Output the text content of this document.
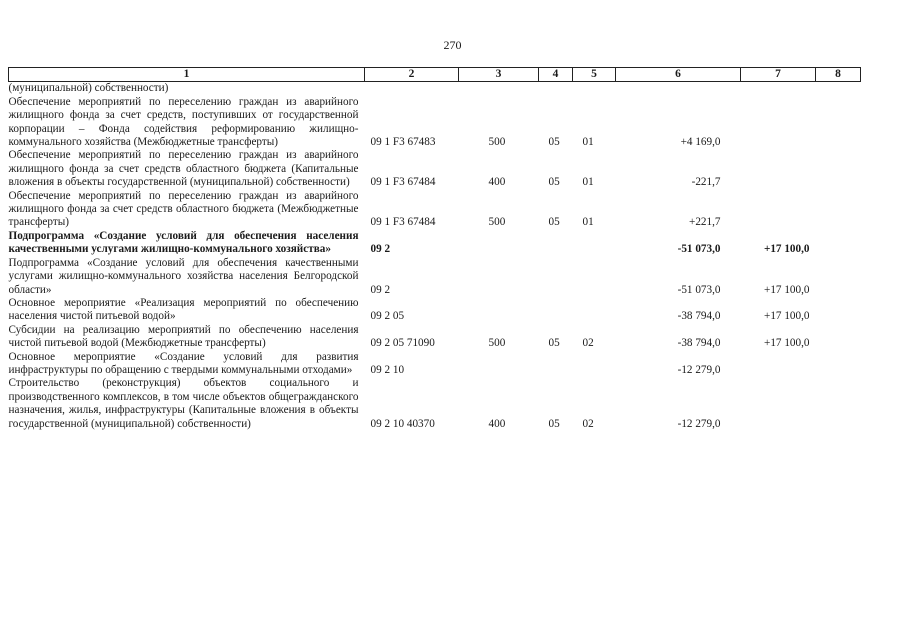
270
1	2	3	4	5	6	7	8
(муниципальной) собственности)							
Обеспечение мероприятий по переселению граждан из аварийного жилищного фонда за счет средств, поступивших от государственной корпорации – Фонда содействия реформированию жилищно-коммунального хозяйства (Межбюджетные трансферты)	09 1 F3 67483	500	05	01	+4 169,0		
Обеспечение мероприятий по переселению граждан из аварийного жилищного фонда за счет средств областного бюджета (Капитальные вложения в объекты государственной (муниципальной) собственности)	09 1 F3 67484	400	05	01	-221,7		
Обеспечение мероприятий по переселению граждан из аварийного жилищного фонда за счет средств областного бюджета (Межбюджетные трансферты)	09 1 F3 67484	500	05	01	+221,7		
Подпрограмма «Создание условий для обеспечения населения качественными услугами жилищно-коммунального хозяйства»	09 2				-51 073,0	+17 100,0	
Подпрограмма «Создание условий для обеспечения качественными услугами жилищно-коммунального хозяйства населения Белгородской области»	09 2				-51 073,0	+17 100,0	
Основное мероприятие «Реализация мероприятий по обеспечению населения чистой питьевой водой»	09 2 05				-38 794,0	+17 100,0	
Субсидии на реализацию мероприятий по обеспечению населения чистой питьевой водой (Межбюджетные трансферты)	09 2 05 71090	500	05	02	-38 794,0	+17 100,0	
Основное мероприятие «Создание условий для развития инфраструктуры по обращению с твердыми коммунальными отходами»	09 2 10				-12 279,0		
Строительство (реконструкция) объектов социального и производственного комплексов, в том числе объектов общегражданского назначения, жилья, инфраструктуры (Капитальные вложения в объекты государственной (муниципальной) собственности)	09 2 10 40370	400	05	02	-12 279,0		
